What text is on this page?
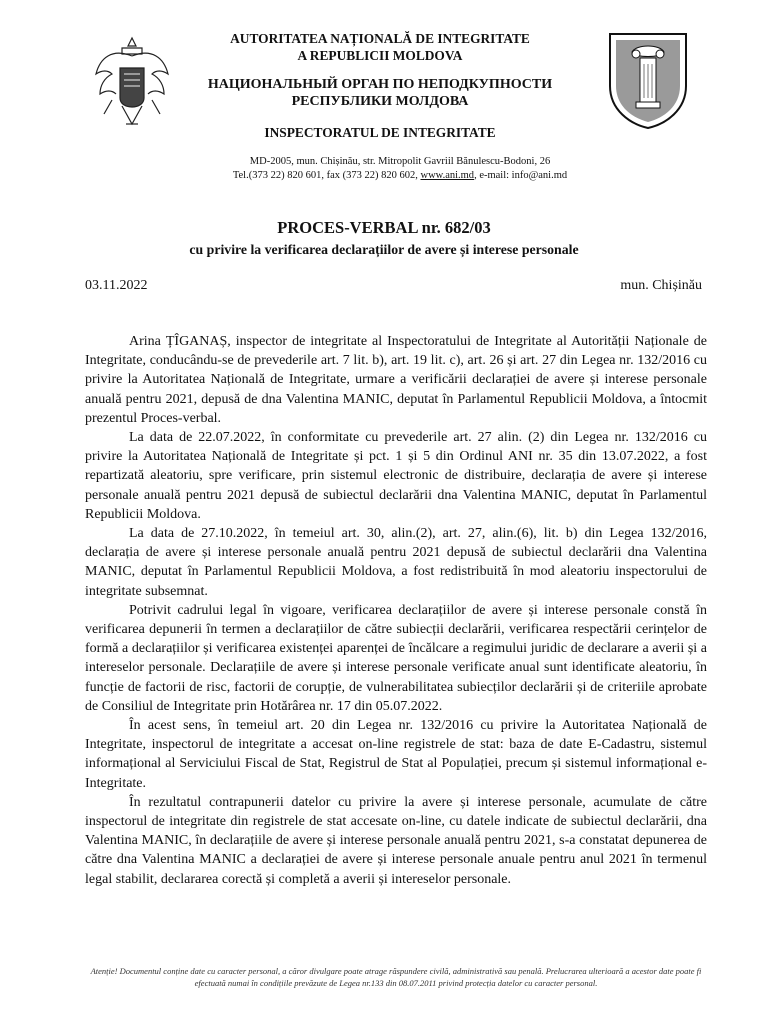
AUTORITATEA NAȚIONALĂ DE INTEGRITATE
A REPUBLICII MOLDOVA
НАЦИОНАЛЬНЫЙ ОРГАН ПО НЕПОДКУПНОСТИ
РЕСПУБЛИКИ МОЛДОВА
INSPECTORATUL DE INTEGRITATE
MD-2005, mun. Chișinău, str. Mitropolit Gavriil Bănulescu-Bodoni, 26
Tel.(373 22) 820 601, fax (373 22) 820 602, www.ani.md, e-mail: info@ani.md
PROCES-VERBAL nr. 682/03
cu privire la verificarea declarațiilor de avere și interese personale
03.11.2022	mun. Chișinău

Arina ȚÎGANAȘ, inspector de integritate al Inspectoratului de Integritate al Autorității Naționale de Integritate, conducându-se de prevederile art. 7 lit. b), art. 19 lit. c), art. 26 și art. 27 din Legea nr. 132/2016 cu privire la Autoritatea Națională de Integritate, urmare a verificării declarației de avere și interese personale anuală pentru 2021, depusă de dna Valentina MANIC, deputat în Parlamentul Republicii Moldova, a întocmit prezentul Proces-verbal.

La data de 22.07.2022, în conformitate cu prevederile art. 27 alin. (2) din Legea nr. 132/2016 cu privire la Autoritatea Națională de Integritate și pct. 1 și 5 din Ordinul ANI nr. 35 din 13.07.2022, a fost repartizată aleatoriu, spre verificare, prin sistemul electronic de distribuire, declarația de avere și interese personale anuală pentru 2021 depusă de subiectul declarării dna Valentina MANIC, deputat în Parlamentul Republicii Moldova.

La data de 27.10.2022, în temeiul art. 30, alin.(2), art. 27, alin.(6), lit. b) din Legea 132/2016, declarația de avere și interese personale anuală pentru 2021 depusă de subiectul declarării dna Valentina MANIC, deputat în Parlamentul Republicii Moldova, a fost redistribuită în mod aleatoriu inspectorului de integritate subsemnat.

Potrivit cadrului legal în vigoare, verificarea declarațiilor de avere și interese personale constă în verificarea depunerii în termen a declarațiilor de către subiecții declarării, verificarea respectării cerințelor de formă a declarațiilor și verificarea existenței aparenței de încălcare a regimului juridic de declarare a averii și a intereselor personale. Declarațiile de avere și interese personale verificate anual sunt identificate aleatoriu, în funcție de factorii de risc, factorii de corupție, de vulnerabilitatea subiecților declarării și de criteriile aprobate de Consiliul de Integritate prin Hotărârea nr. 17 din 05.07.2022.

În acest sens, în temeiul art. 20 din Legea nr. 132/2016 cu privire la Autoritatea Națională de Integritate, inspectorul de integritate a accesat on-line registrele de stat: baza de date E-Cadastru, sistemul informațional al Serviciului Fiscal de Stat, Registrul de Stat al Populației, precum și sistemul informațional e-Integritate.

În rezultatul contrapunerii datelor cu privire la avere și interese personale, acumulate de către inspectorul de integritate din registrele de stat accesate on-line, cu datele indicate de subiectul declarării, dna Valentina MANIC, în declarațiile de avere și interese personale anuală pentru 2021, s-a constatat depunerea de către dna Valentina MANIC a declarației de avere și interese personale anuale pentru anul 2021 în termenul legal stabilit, declararea corectă și completă a averii și intereselor personale.

Atenție! Documentul conține date cu caracter personal, a căror divulgare poate atrage răspundere civilă, administrativă sau penală. Prelucrarea ulterioară a acestor date poate fi
efectuată numai în condițiile prevăzute de Legea nr.133 din 08.07.2011 privind protecția datelor cu caracter personal.
